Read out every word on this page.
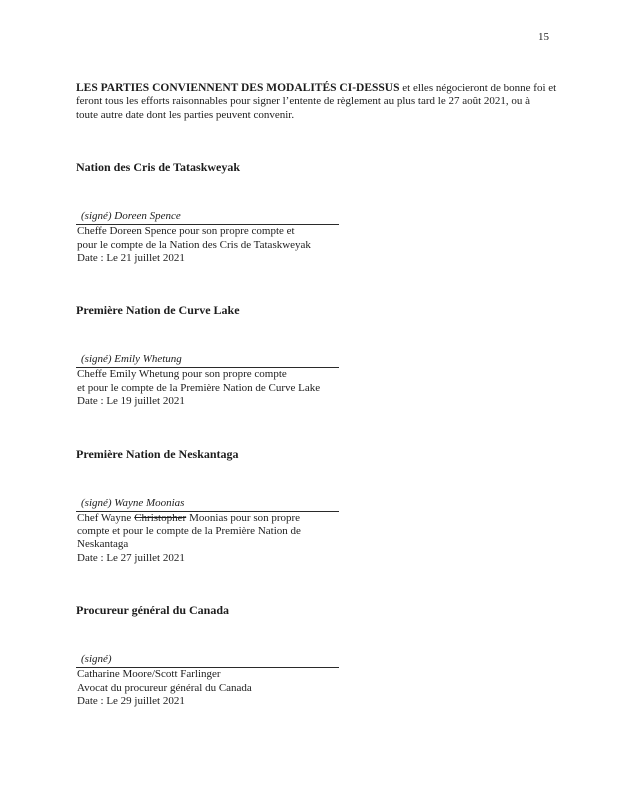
15
LES PARTIES CONVIENNENT DES MODALITÉS CI-DESSUS et elles négocieront de bonne foi et
feront tous les efforts raisonnables pour signer l’entente de règlement au plus tard le 27 août 2021, ou à
toute autre date dont les parties peuvent convenir.
Nation des Cris de Tataskweyak
(signé) Doreen Spence
Cheffe Doreen Spence pour son propre compte et
pour le compte de la Nation des Cris de Tataskweyak
Date : Le 21 juillet 2021
Première Nation de Curve Lake
(signé) Emily Whetung
Cheffe Emily Whetung pour son propre compte
et pour le compte de la Première Nation de Curve Lake
Date : Le 19 juillet 2021
Première Nation de Neskantaga
(signé) Wayne Moonias
Chef Wayne Christopher Moonias pour son propre
compte et pour le compte de la Première Nation de
Neskantaga
Date : Le 27 juillet 2021
Procureur général du Canada
(signé)
Catharine Moore/Scott Farlinger
Avocat du procureur général du Canada
Date : Le 29 juillet 2021
